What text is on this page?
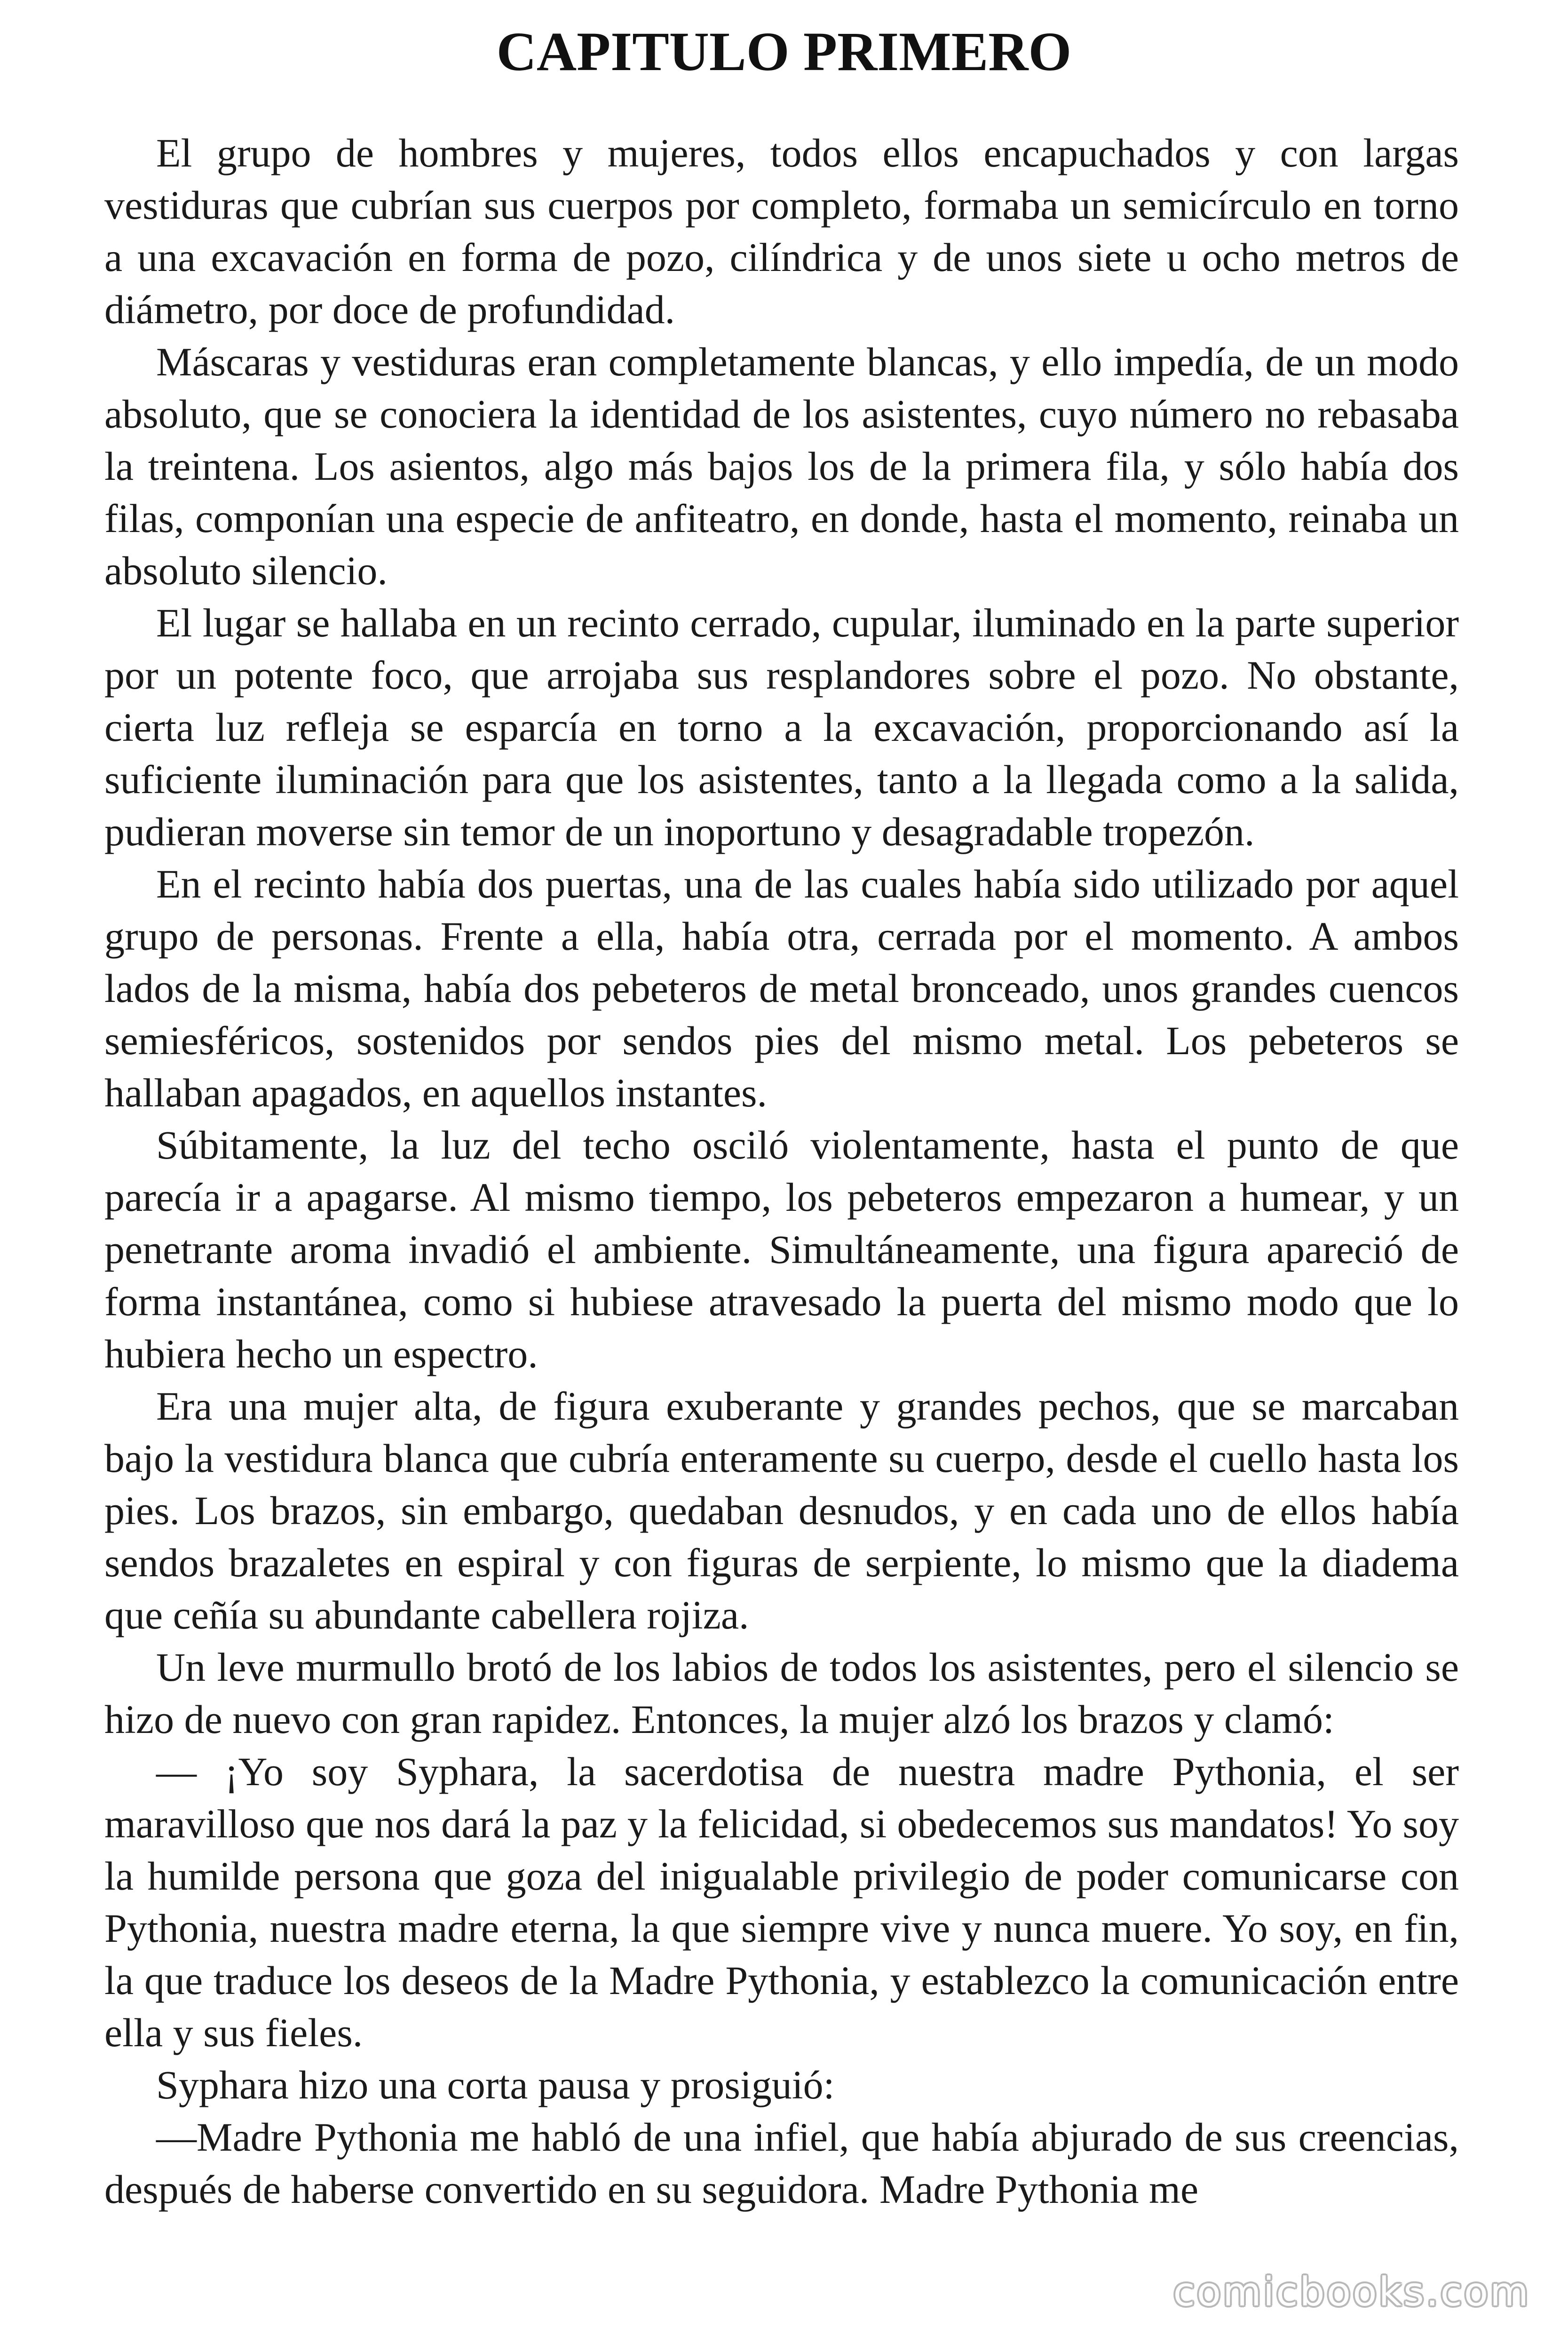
CAPITULO PRIMERO

El grupo de hombres y mujeres, todos ellos encapuchados y con largas vestiduras que cubrían sus cuerpos por completo, formaba un semicírculo en torno a una excavación en forma de pozo, cilíndrica y de unos siete u ocho metros de diámetro, por doce de profundidad.

Máscaras y vestiduras eran completamente blancas, y ello impedía, de un modo absoluto, que se conociera la identidad de los asistentes, cuyo número no rebasaba la treintena. Los asientos, algo más bajos los de la primera fila, y sólo había dos filas, componían una especie de anfiteatro, en donde, hasta el momento, reinaba un absoluto silencio.

El lugar se hallaba en un recinto cerrado, cupular, iluminado en la parte superior por un potente foco, que arrojaba sus resplandores sobre el pozo. No obstante, cierta luz refleja se esparcía en torno a la excavación, proporcionando así la suficiente iluminación para que los asistentes, tanto a la llegada como a la salida, pudieran moverse sin temor de un inoportuno y desagradable tropezón.

En el recinto había dos puertas, una de las cuales había sido utilizado por aquel grupo de personas. Frente a ella, había otra, cerrada por el momento. A ambos lados de la misma, había dos pebeteros de metal bronceado, unos grandes cuencos semiesféricos, sostenidos por sendos pies del mismo metal. Los pebeteros se hallaban apagados, en aquellos instantes.

Súbitamente, la luz del techo osciló violentamente, hasta el punto de que parecía ir a apagarse. Al mismo tiempo, los pebeteros empezaron a humear, y un penetrante aroma invadió el ambiente. Simultáneamente, una figura apareció de forma instantánea, como si hubiese atravesado la puerta del mismo modo que lo hubiera hecho un espectro.

Era una mujer alta, de figura exuberante y grandes pechos, que se marcaban bajo la vestidura blanca que cubría enteramente su cuerpo, desde el cuello hasta los pies. Los brazos, sin embargo, quedaban desnudos, y en cada uno de ellos había sendos brazaletes en espiral y con figuras de serpiente, lo mismo que la diadema que ceñía su abundante cabellera rojiza.

Un leve murmullo brotó de los labios de todos los asistentes, pero el silencio se hizo de nuevo con gran rapidez. Entonces, la mujer alzó los brazos y clamó:

— ¡Yo soy Syphara, la sacerdotisa de nuestra madre Pythonia, el ser maravilloso que nos dará la paz y la felicidad, si obedecemos sus mandatos! Yo soy la humilde persona que goza del inigualable privilegio de poder comunicarse con Pythonia, nuestra madre eterna, la que siempre vive y nunca muere. Yo soy, en fin, la que traduce los deseos de la Madre Pythonia, y establezco la comunicación entre ella y sus fieles.

Syphara hizo una corta pausa y prosiguió:

—Madre Pythonia me habló de una infiel, que había abjurado de sus creencias, después de haberse convertido en su seguidora. Madre Pythonia me

comicbooks.com
